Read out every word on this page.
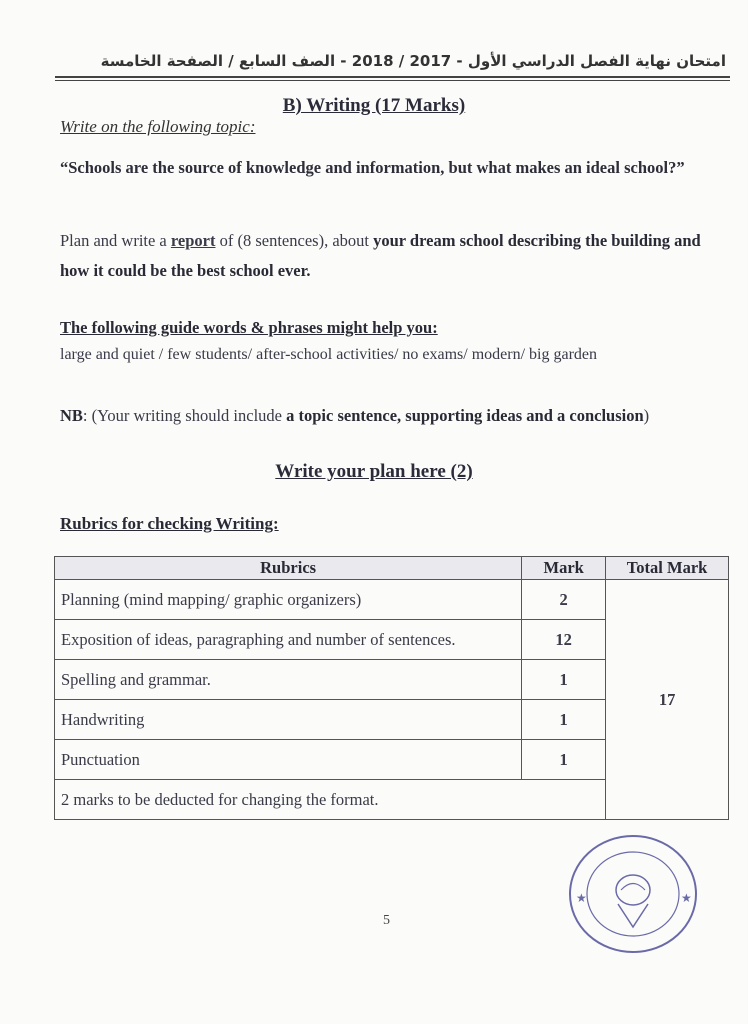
امتحان نهاية الفصل الدراسي الأول - 2017 / 2018 - الصف السابع / الصفحة الخامسة
B) Writing (17 Marks)
Write on the following topic:
“Schools are the source of knowledge and information, but what makes an ideal school?”
Plan and write a report of (8 sentences), about your dream school describing the building and how it could be the best school ever.
The following guide words & phrases might help you:
large and quiet / few students/ after-school activities/ no exams/ modern/ big garden
NB: (Your writing should include a topic sentence, supporting ideas and a conclusion)
Write your plan here (2)
Rubrics for checking Writing:
Rubrics	Mark	Total Mark
Planning (mind mapping/ graphic organizers)	2	17
Exposition of ideas, paragraphing and number of sentences.	12	
Spelling and grammar.	1	
Handwriting	1	
Punctuation	1	
2 marks to be deducted for changing the format.		
5
★	★
